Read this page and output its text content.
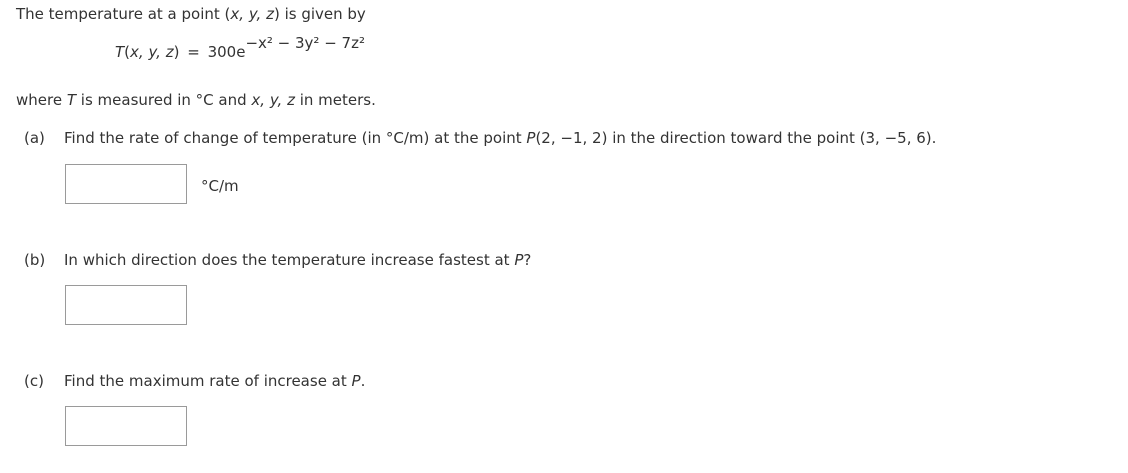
The temperature at a point (x, y, z) is given by
T(x, y, z) = 300e−x² − 3y² − 7z²
where T is measured in °C and x, y, z in meters.
(a) Find the rate of change of temperature (in °C/m) at the point P(2, −1, 2) in the direction toward the point (3, −5, 6).
°C/m
(b) In which direction does the temperature increase fastest at P?
(c) Find the maximum rate of increase at P.
